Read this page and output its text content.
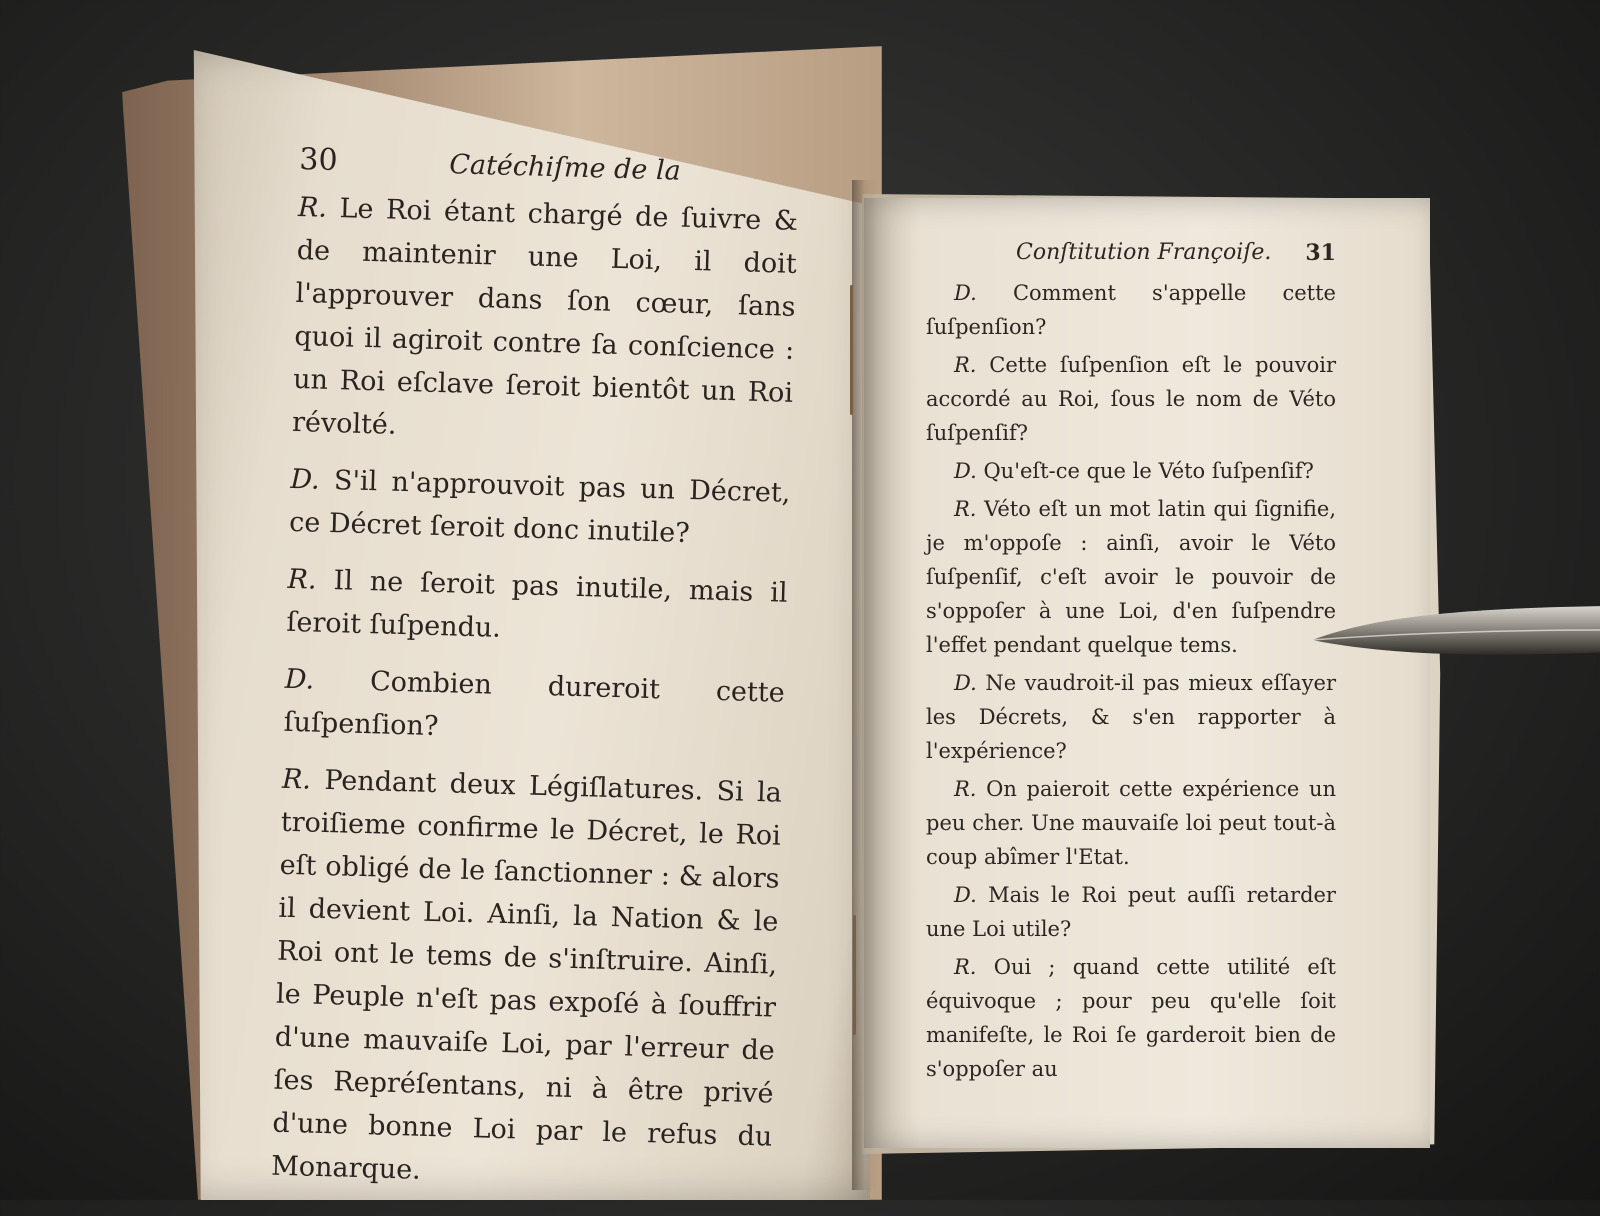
30	Catéchiſme de la

R. Le Roi étant chargé de ſuivre & de maintenir une Loi, il doit l'approuver dans ſon cœur, ſans quoi il agiroit contre ſa conſcience : un Roi eſclave ſeroit bientôt un Roi révolté.

D. S'il n'approuvoit pas un Décret, ce Décret ſeroit donc inutile?

R. Il ne ſeroit pas inutile, mais il ſeroit ſuſpendu.

D. Combien dureroit cette ſuſpenſion?

R. Pendant deux Légiſlatures. Si la troiſieme confirme le Décret, le Roi eſt obligé de le ſanctionner : & alors il devient Loi. Ainſi, la Nation & le Roi ont le tems de s'inſtruire. Ainſi, le Peuple n'eſt pas expoſé à ſouffrir d'une mauvaiſe Loi, par l'erreur de ſes Repréſentans, ni à être privé d'une bonne Loi par le refus du Monarque.

Conſtitution Françoiſe. 31

D. Comment s'appelle cette ſuſpenſion?

R. Cette ſuſpenſion eſt le pouvoir accordé au Roi, ſous le nom de Véto ſuſpenſif?

D. Qu'eſt-ce que le Véto ſuſpenſif?

R. Véto eſt un mot latin qui ſignifie, je m'oppoſe : ainſi, avoir le Véto ſuſpenſif, c'eſt avoir le pouvoir de s'oppoſer à une Loi, d'en ſuſpendre l'effet pendant quelque tems.

D. Ne vaudroit-il pas mieux eſſayer les Décrets, & s'en rapporter à l'expérience?

R. On paieroit cette expérience un peu cher. Une mauvaiſe loi peut tout-à coup abîmer l'Etat.

D. Mais le Roi peut auſſi retarder une Loi utile?

R. Oui ; quand cette utilité eſt équivoque ; pour peu qu'elle ſoit manifeſte, le Roi ſe garderoit bien de s'oppoſer au
